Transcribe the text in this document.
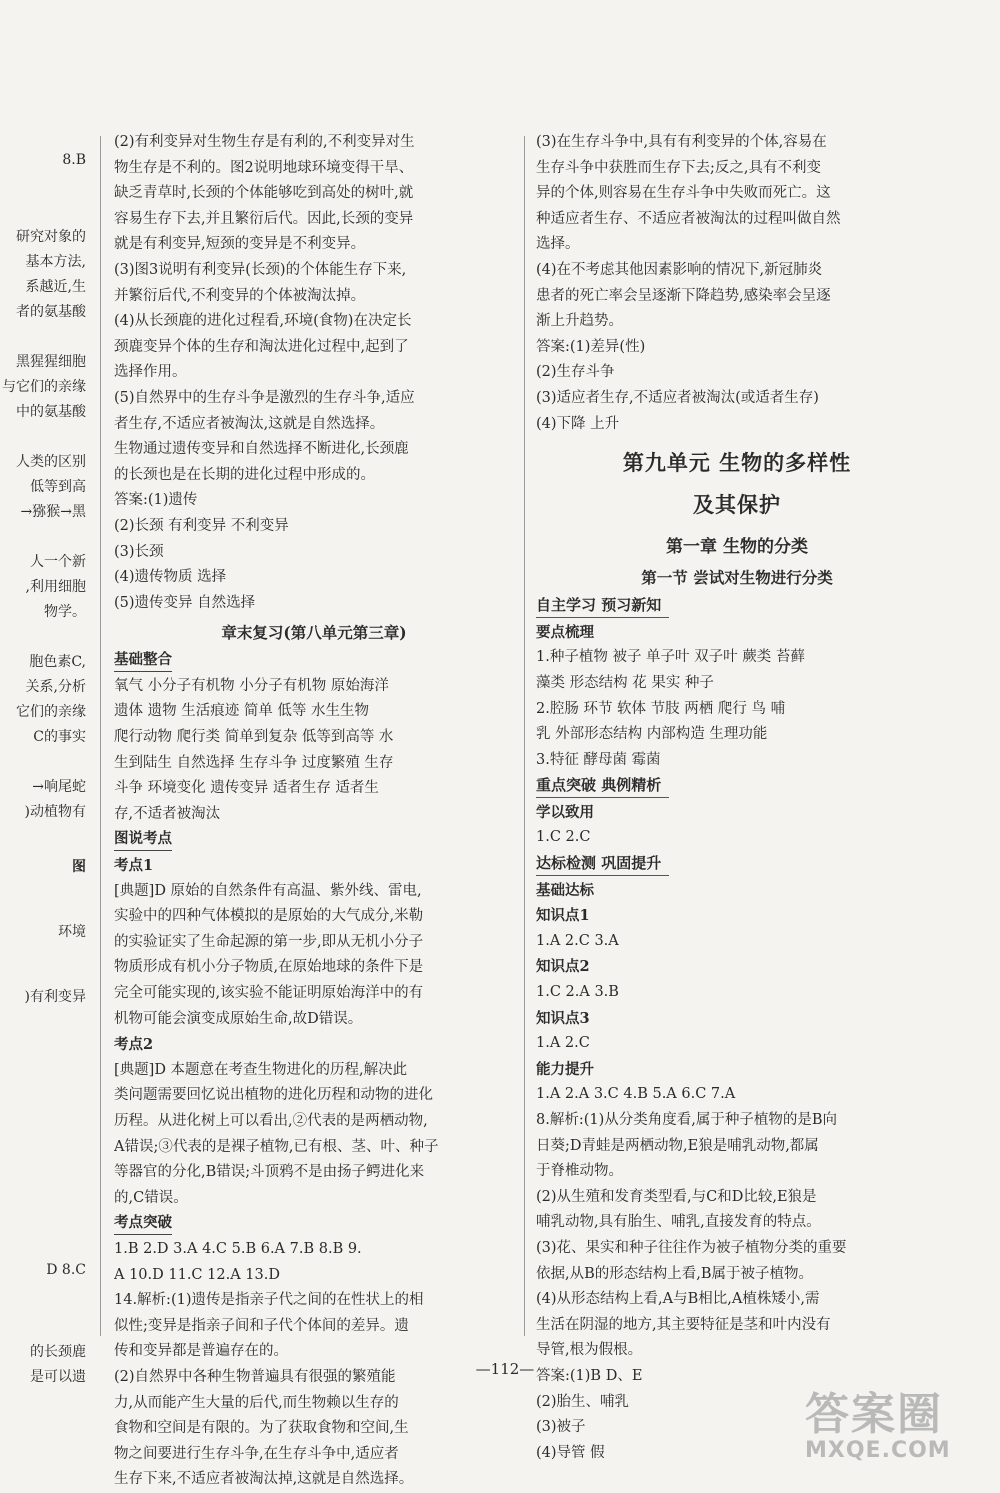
8.B
研究对象的
基本方法,
系越近,生
者的氨基酸
黑猩猩细胞
与它们的亲缘
中的氨基酸
人类的区别
低等到高
→猕猴→黑
人一个新
,利用细胞
物学。
胞色素C,
关系,分析
它们的亲缘
C的事实
→响尾蛇
)动植物有
图
环境
)有利变异
D 8.C
的长颈鹿
是可以遗
(2)有利变异对生物生存是有利的,不利变异对生
物生存是不利的。图2说明地球环境变得干旱、
缺乏青草时,长颈的个体能够吃到高处的树叶,就
容易生存下去,并且繁衍后代。因此,长颈的变异
就是有利变异,短颈的变异是不利变异。
(3)图3说明有利变异(长颈)的个体能生存下来,
并繁衍后代,不利变异的个体被淘汰掉。
(4)从长颈鹿的进化过程看,环境(食物)在决定长
颈鹿变异个体的生存和淘汰进化过程中,起到了
选择作用。
(5)自然界中的生存斗争是激烈的生存斗争,适应
者生存,不适应者被淘汰,这就是自然选择。
生物通过遗传变异和自然选择不断进化,长颈鹿
的长颈也是在长期的进化过程中形成的。
答案:(1)遗传
(2)长颈 有利变异 不利变异
(3)长颈
(4)遗传物质 选择
(5)遗传变异 自然选择
章末复习(第八单元第三章)
基础整合
氧气 小分子有机物 小分子有机物 原始海洋
遗体 遗物 生活痕迹 简单 低等 水生生物
爬行动物 爬行类 简单到复杂 低等到高等 水
生到陆生 自然选择 生存斗争 过度繁殖 生存
斗争 环境变化 遗传变异 适者生存 适者生
存,不适者被淘汰
图说考点
考点1
[典题]D 原始的自然条件有高温、紫外线、雷电,
实验中的四种气体模拟的是原始的大气成分,米勒
的实验证实了生命起源的第一步,即从无机小分子
物质形成有机小分子物质,在原始地球的条件下是
完全可能实现的,该实验不能证明原始海洋中的有
机物可能会演变成原始生命,故D错误。
考点2
[典题]D 本题意在考查生物进化的历程,解决此
类问题需要回忆说出植物的进化历程和动物的进化
历程。从进化树上可以看出,②代表的是两栖动物,
A错误;③代表的是裸子植物,已有根、茎、叶、种子
等器官的分化,B错误;斗顶鸦不是由扬子鳄进化来
的,C错误。
考点突破
1.B 2.D 3.A 4.C 5.B 6.A 7.B 8.B 9.
A 10.D 11.C 12.A 13.D
14.解析:(1)遗传是指亲子代之间的在性状上的相
似性;变异是指亲子间和子代个体间的差异。遗
传和变异都是普遍存在的。
(2)自然界中各种生物普遍具有很强的繁殖能
力,从而能产生大量的后代,而生物赖以生存的
食物和空间是有限的。为了获取食物和空间,生
物之间要进行生存斗争,在生存斗争中,适应者
生存下来,不适应者被淘汰掉,这就是自然选择。
(3)在生存斗争中,具有有利变异的个体,容易在
生存斗争中获胜而生存下去;反之,具有不利变
异的个体,则容易在生存斗争中失败而死亡。这
种适应者生存、不适应者被淘汰的过程叫做自然
选择。
(4)在不考虑其他因素影响的情况下,新冠肺炎
患者的死亡率会呈逐渐下降趋势,感染率会呈逐
渐上升趋势。
答案:(1)差异(性)
(2)生存斗争
(3)适应者生存,不适应者被淘汰(或适者生存)
(4)下降 上升
第九单元 生物的多样性
及其保护
第一章 生物的分类
第一节 尝试对生物进行分类
自主学习 预习新知
要点梳理
1.种子植物 被子 单子叶 双子叶 蕨类 苔藓
藻类 形态结构 花 果实 种子
2.腔肠 环节 软体 节肢 两栖 爬行 鸟 哺
乳 外部形态结构 内部构造 生理功能
3.特征 酵母菌 霉菌
重点突破 典例精析
学以致用
1.C 2.C
达标检测 巩固提升
基础达标
知识点1
1.A 2.C 3.A
知识点2
1.C 2.A 3.B
知识点3
1.A 2.C
能力提升
1.A 2.A 3.C 4.B 5.A 6.C 7.A
8.解析:(1)从分类角度看,属于种子植物的是B向
日葵;D青蛙是两栖动物,E狼是哺乳动物,都属
于脊椎动物。
(2)从生殖和发育类型看,与C和D比较,E狼是
哺乳动物,具有胎生、哺乳,直接发育的特点。
(3)花、果实和种子往往作为被子植物分类的重要
依据,从B的形态结构上看,B属于被子植物。
(4)从形态结构上看,A与B相比,A植株矮小,需
生活在阴湿的地方,其主要特征是茎和叶内没有
导管,根为假根。
答案:(1)B D、E
(2)胎生、哺乳
(3)被子
(4)导管 假
—112—
答案圈
MXQE.COM
